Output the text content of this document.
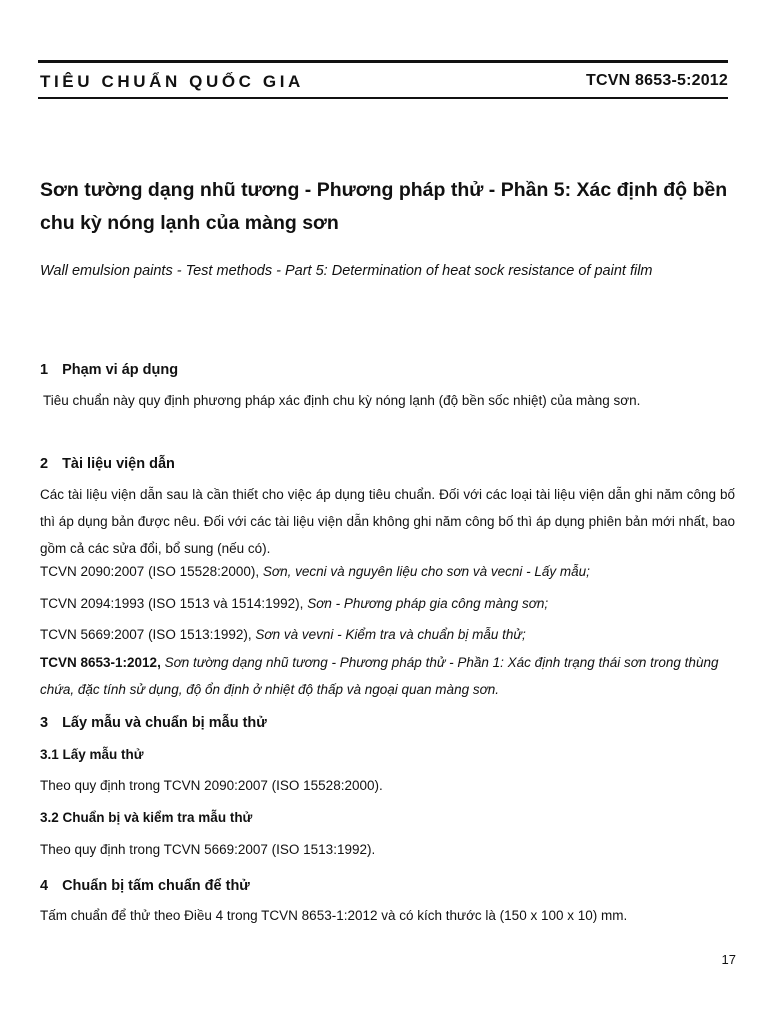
TIÊU CHUẨN QUỐC GIA	TCVN 8653-5:2012
Sơn tường dạng nhũ tương - Phương pháp thử - Phần 5: Xác định độ bền chu kỳ nóng lạnh của màng sơn

Wall emulsion paints - Test methods - Part 5: Determination of heat sock resistance of paint film

1 Phạm vi áp dụng

Tiêu chuẩn này quy định phương pháp xác định chu kỳ nóng lạnh (độ bền sốc nhiệt) của màng sơn.

2 Tài liệu viện dẫn

Các tài liệu viện dẫn sau là cần thiết cho việc áp dụng tiêu chuẩn. Đối với các loại tài liệu viện dẫn ghi năm công bố thì áp dụng bản được nêu. Đối với các tài liệu viện dẫn không ghi năm công bố thì áp dụng phiên bản mới nhất, bao gồm cả các sửa đổi, bổ sung (nếu có).

TCVN 2090:2007 (ISO 15528:2000), Sơn, vecni và nguyên liệu cho sơn và vecni - Lấy mẫu;

TCVN 2094:1993 (ISO 1513 và 1514:1992), Sơn - Phương pháp gia công màng sơn;

TCVN 5669:2007 (ISO 1513:1992), Sơn và vevni - Kiểm tra và chuẩn bị mẫu thử;

TCVN 8653-1:2012, Sơn tường dạng nhũ tương - Phương pháp thử - Phần 1: Xác định trạng thái sơn trong thùng chứa, đặc tính sử dụng, độ ổn định ở nhiệt độ thấp và ngoại quan màng sơn.

3 Lấy mẫu và chuẩn bị mẫu thử
3.1 Lấy mẫu thử

Theo quy định trong TCVN 2090:2007 (ISO 15528:2000).

3.2 Chuẩn bị và kiểm tra mẫu thử

Theo quy định trong TCVN 5669:2007 (ISO 1513:1992).

4 Chuẩn bị tấm chuẩn để thử

Tấm chuẩn để thử theo Điều 4 trong TCVN 8653-1:2012 và có kích thước là (150 x 100 x 10) mm.

17
